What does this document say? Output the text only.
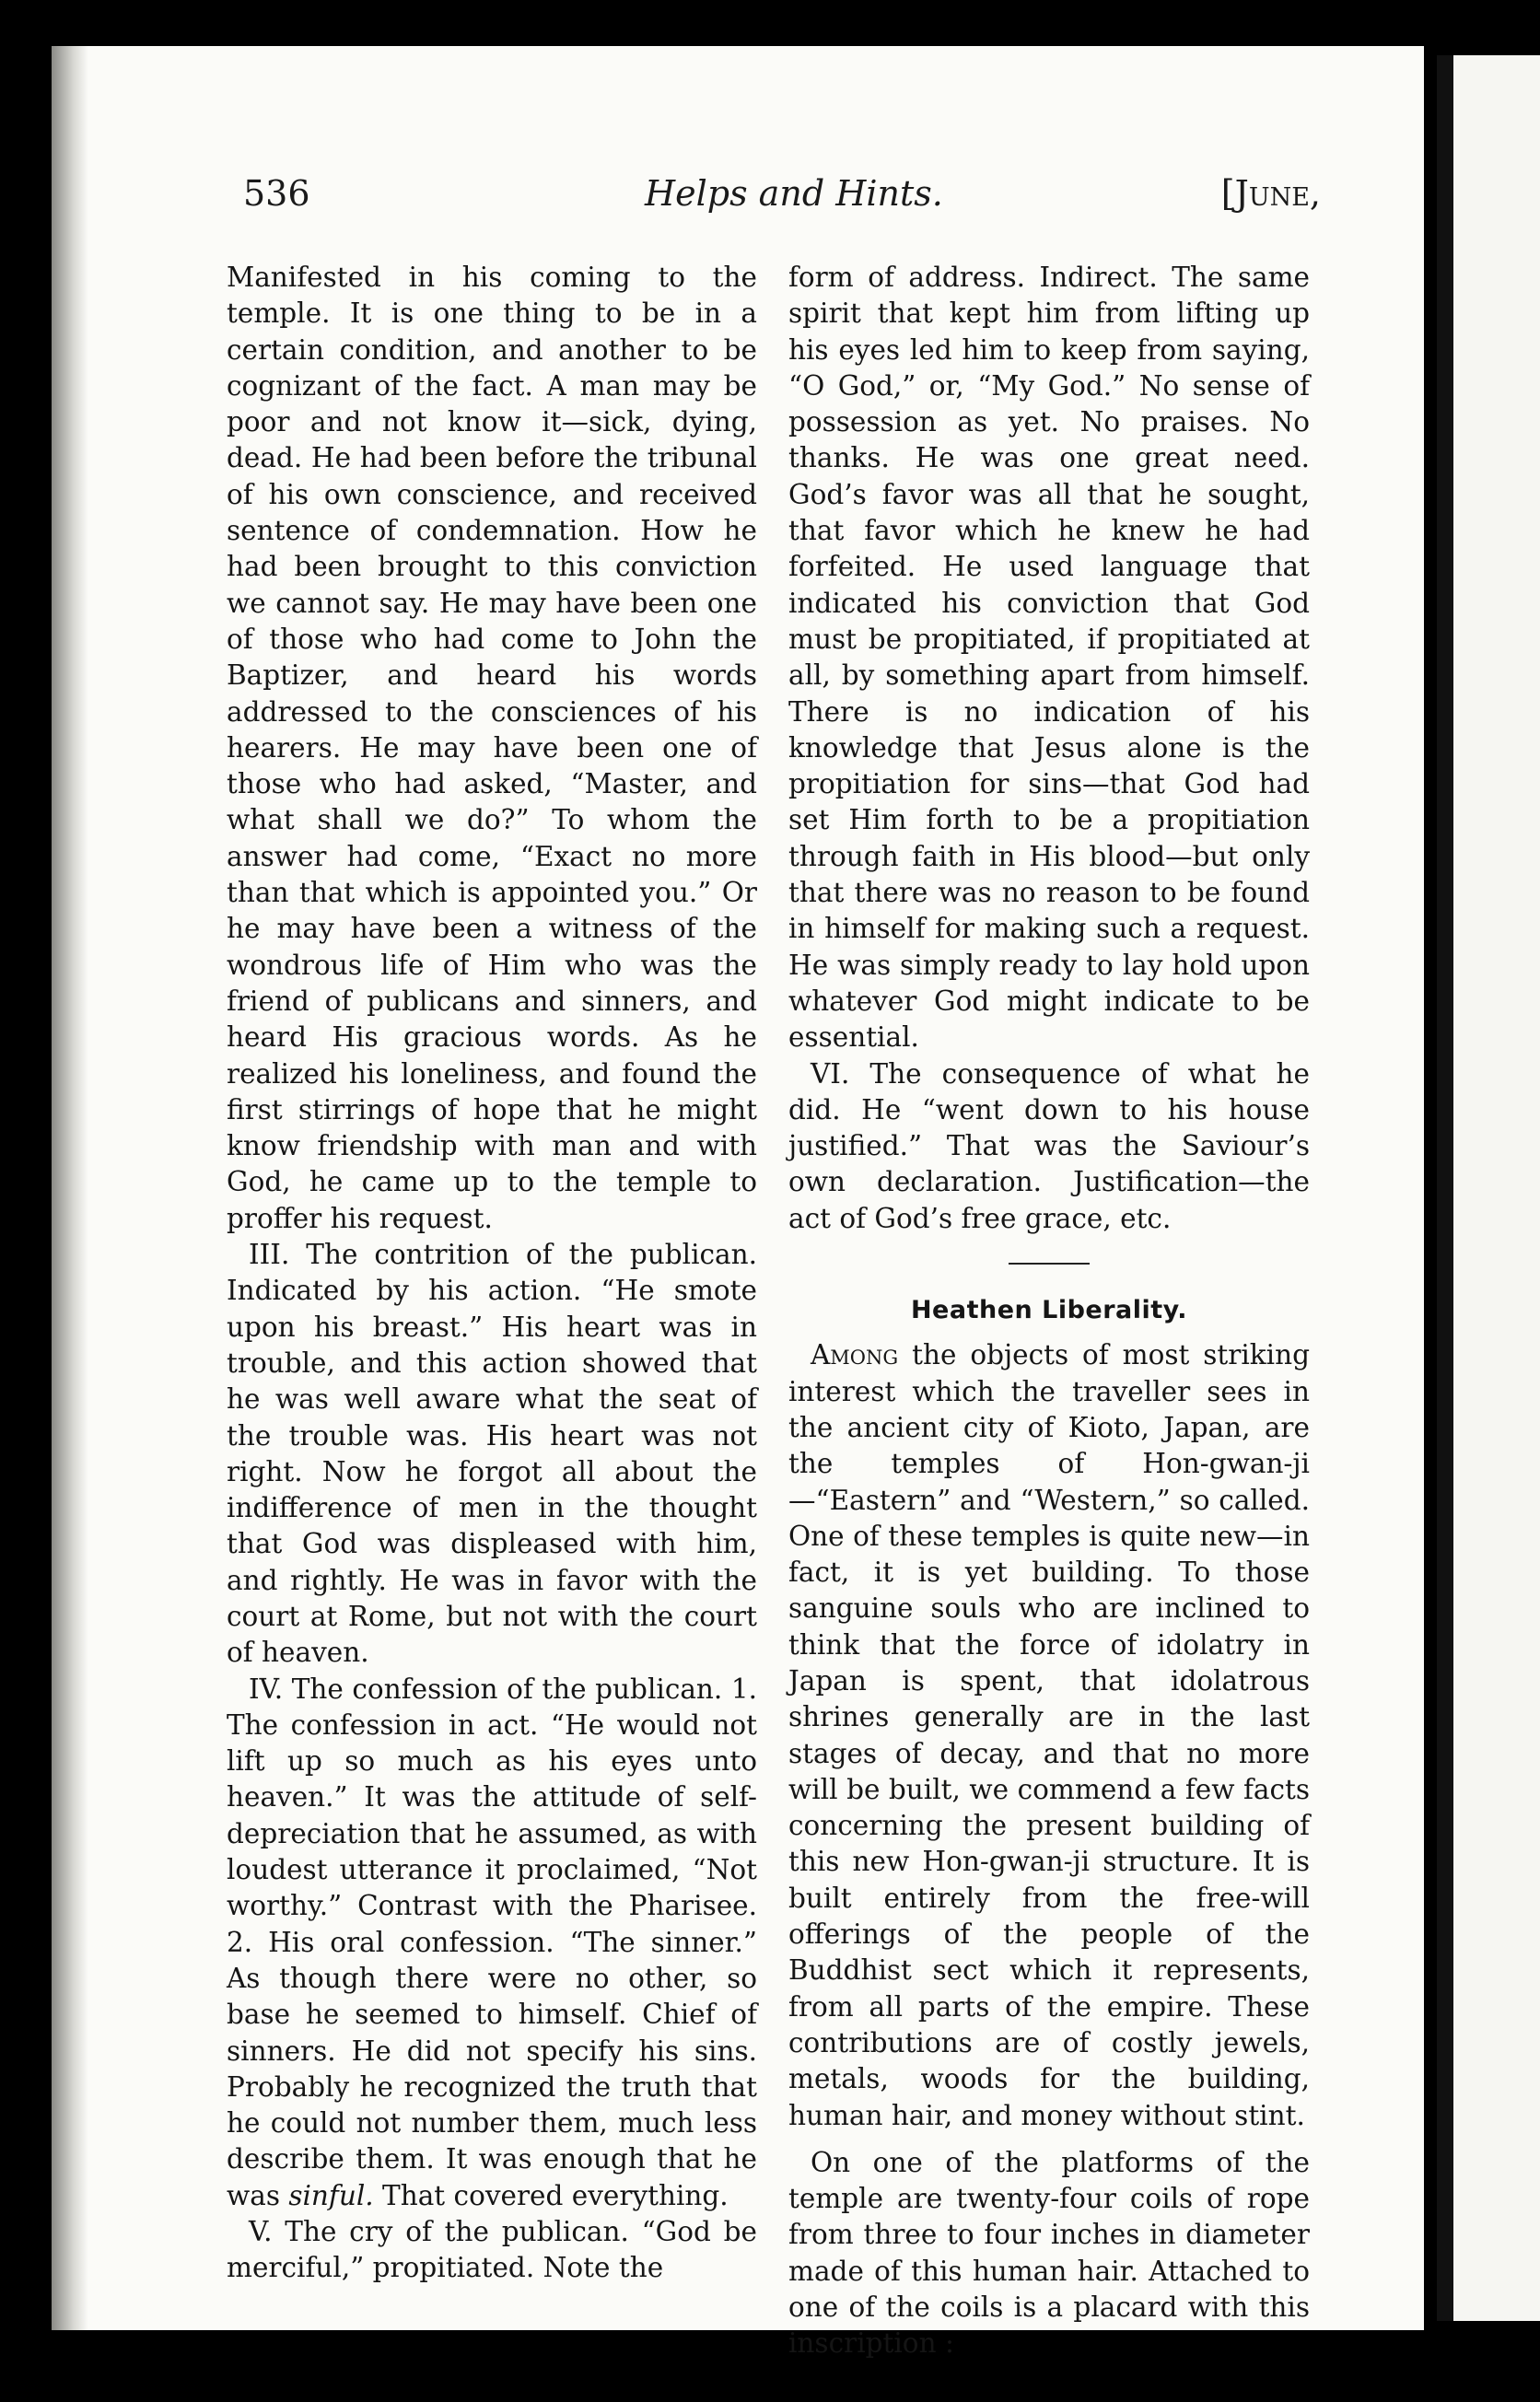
536	Helps and Hints.	[June,

Manifested in his coming to the temple. It is one thing to be in a certain condition, and another to be cognizant of the fact. A man may be poor and not know it—sick, dying, dead. He had been before the tribunal of his own conscience, and received sentence of condemnation. How he had been brought to this conviction we cannot say. He may have been one of those who had come to John the Baptizer, and heard his words addressed to the consciences of his hearers. He may have been one of those who had asked, “Master, and what shall we do?” To whom the answer had come, “Exact no more than that which is appointed you.” Or he may have been a witness of the wondrous life of Him who was the friend of publicans and sinners, and heard His gracious words. As he realized his loneliness, and found the first stirrings of hope that he might know friendship with man and with God, he came up to the temple to proffer his request.

III. The contrition of the publican. Indicated by his action. “He smote upon his breast.” His heart was in trouble, and this action showed that he was well aware what the seat of the trouble was. His heart was not right. Now he forgot all about the indifference of men in the thought that God was displeased with him, and rightly. He was in favor with the court at Rome, but not with the court of heaven.

IV. The confession of the publican. 1. The confession in act. “He would not lift up so much as his eyes unto heaven.” It was the attitude of self-depreciation that he assumed, as with loudest utterance it proclaimed, “Not worthy.” Contrast with the Pharisee. 2. His oral confession. “The sinner.” As though there were no other, so base he seemed to himself. Chief of sinners. He did not specify his sins. Probably he recognized the truth that he could not number them, much less describe them. It was enough that he was sinful. That covered everything.

V. The cry of the publican. “God be merciful,” propitiated. Note the

form of address. Indirect. The same spirit that kept him from lifting up his eyes led him to keep from saying, “O God,” or, “My God.” No sense of possession as yet. No praises. No thanks. He was one great need. God’s favor was all that he sought, that favor which he knew he had forfeited. He used language that indicated his conviction that God must be propitiated, if propitiated at all, by something apart from himself. There is no indication of his knowledge that Jesus alone is the propitiation for sins—that God had set Him forth to be a propitiation through faith in His blood—but only that there was no reason to be found in himself for making such a request. He was simply ready to lay hold upon whatever God might indicate to be essential.

VI. The consequence of what he did. He “went down to his house justified.” That was the Saviour’s own declaration. Justification—the act of God’s free grace, etc.

Heathen Liberality.

Among the objects of most striking interest which the traveller sees in the ancient city of Kioto, Japan, are the temples of Hon-gwan-ji—“Eastern” and “Western,” so called. One of these temples is quite new—in fact, it is yet building. To those sanguine souls who are inclined to think that the force of idolatry in Japan is spent, that idolatrous shrines generally are in the last stages of decay, and that no more will be built, we commend a few facts concerning the present building of this new Hon-gwan-ji structure. It is built entirely from the free-will offerings of the people of the Buddhist sect which it represents, from all parts of the empire. These contributions are of costly jewels, metals, woods for the building, human hair, and money without stint.

On one of the platforms of the temple are twenty-four coils of rope from three to four inches in diameter made of this human hair. Attached to one of the coils is a placard with this inscription :
